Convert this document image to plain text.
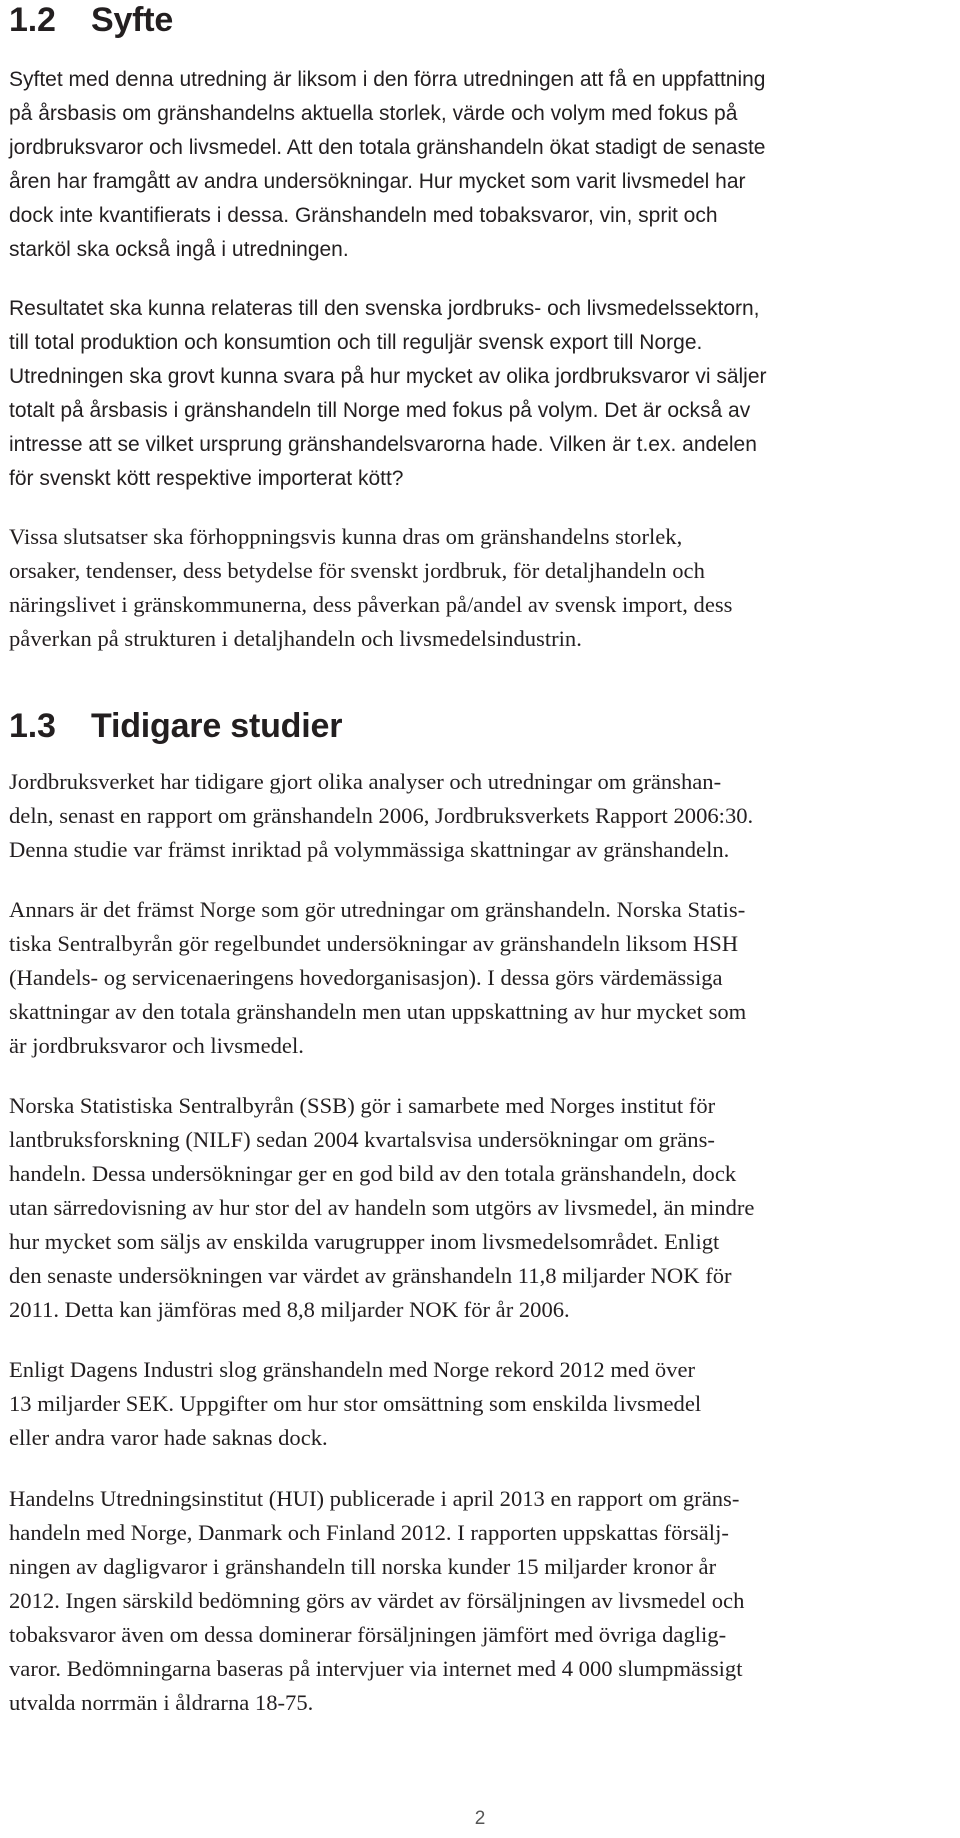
1.2 Syfte

Syftet med denna utredning är liksom i den förra utredningen att få en uppfattning
på årsbasis om gränshandelns aktuella storlek, värde och volym med fokus på
jordbruksvaror och livsmedel. Att den totala gränshandeln ökat stadigt de senaste
åren har framgått av andra undersökningar. Hur mycket som varit livsmedel har
dock inte kvantifierats i dessa. Gränshandeln med tobaksvaror, vin, sprit och
starköl ska också ingå i utredningen.

Resultatet ska kunna relateras till den svenska jordbruks- och livsmedelssektorn,
till total produktion och konsumtion och till reguljär svensk export till Norge.
Utredningen ska grovt kunna svara på hur mycket av olika jordbruksvaror vi säljer
totalt på årsbasis i gränshandeln till Norge med fokus på volym. Det är också av
intresse att se vilket ursprung gränshandelsvarorna hade. Vilken är t.ex. andelen
för svenskt kött respektive importerat kött?

Vissa slutsatser ska förhoppningsvis kunna dras om gränshandelns storlek,
orsaker, tendenser, dess betydelse för svenskt jordbruk, för detaljhandeln och
näringslivet i gränskommunerna, dess påverkan på/andel av svensk import, dess
påverkan på strukturen i detaljhandeln och livsmedelsindustrin.

1.3 Tidigare studier

Jordbruksverket har tidigare gjort olika analyser och utredningar om gränshan-
deln, senast en rapport om gränshandeln 2006, Jordbruksverkets Rapport 2006:30.
Denna studie var främst inriktad på volymmässiga skattningar av gränshandeln.

Annars är det främst Norge som gör utredningar om gränshandeln. Norska Statis-
tiska Sentralbyrån gör regelbundet undersökningar av gränshandeln liksom HSH
(Handels- og servicenaeringens hovedorganisasjon). I dessa görs värdemässiga
skattningar av den totala gränshandeln men utan uppskattning av hur mycket som
är jordbruksvaror och livsmedel.

Norska Statistiska Sentralbyrån (SSB) gör i samarbete med Norges institut för
lantbruksforskning (NILF) sedan 2004 kvartalsvisa undersökningar om gräns-
handeln. Dessa undersökningar ger en god bild av den totala gränshandeln, dock
utan särredovisning av hur stor del av handeln som utgörs av livsmedel, än mindre
hur mycket som säljs av enskilda varugrupper inom livsmedelsområdet. Enligt
den senaste undersökningen var värdet av gränshandeln 11,8 miljarder NOK för
2011. Detta kan jämföras med 8,8 miljarder NOK för år 2006.

Enligt Dagens Industri slog gränshandeln med Norge rekord 2012 med över
13 miljarder SEK. Uppgifter om hur stor omsättning som enskilda livsmedel
eller andra varor hade saknas dock.

Handelns Utredningsinstitut (HUI) publicerade i april 2013 en rapport om gräns-
handeln med Norge, Danmark och Finland 2012. I rapporten uppskattas försälj-
ningen av dagligvaror i gränshandeln till norska kunder 15 miljarder kronor år
2012. Ingen särskild bedömning görs av värdet av försäljningen av livsmedel och
tobaksvaror även om dessa dominerar försäljningen jämfört med övriga daglig-
varor. Bedömningarna baseras på intervjuer via internet med 4 000 slumpmässigt
utvalda norrmän i åldrarna 18-75.

2
